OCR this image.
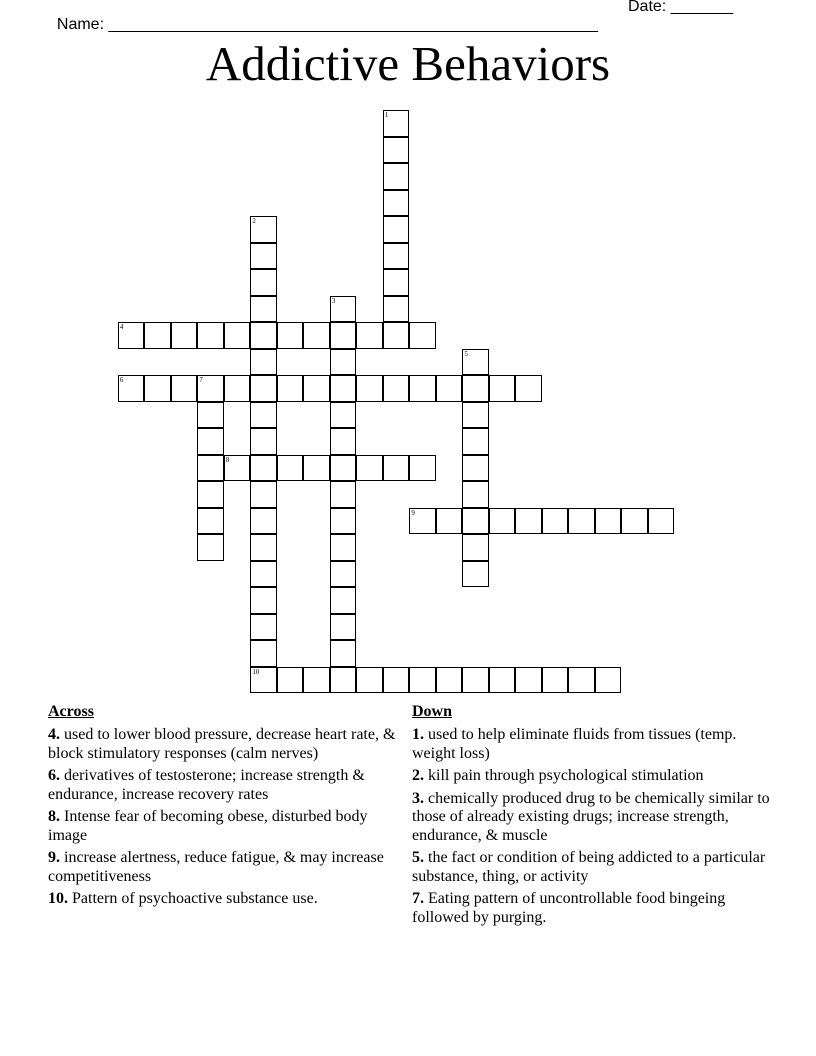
Name: _______________________________________________________

Date: _______

Addictive Behaviors
1
2
10
3
4
5
6	7
8
9
Across
4. used to lower blood pressure, decrease heart rate, & block stimulatory responses (calm nerves)
6. derivatives of testosterone; increase strength & endurance, increase recovery rates
8. Intense fear of becoming obese, disturbed body image
9. increase alertness, reduce fatigue, & may increase competitiveness
10. Pattern of psychoactive substance use.
Down
1. used to help eliminate fluids from tissues (temp. weight loss)
2. kill pain through psychological stimulation
3. chemically produced drug to be chemically similar to those of already existing drugs; increase strength, endurance, & muscle
5. the fact or condition of being addicted to a particular substance, thing, or activity
7. Eating pattern of uncontrollable food bingeing followed by purging.
